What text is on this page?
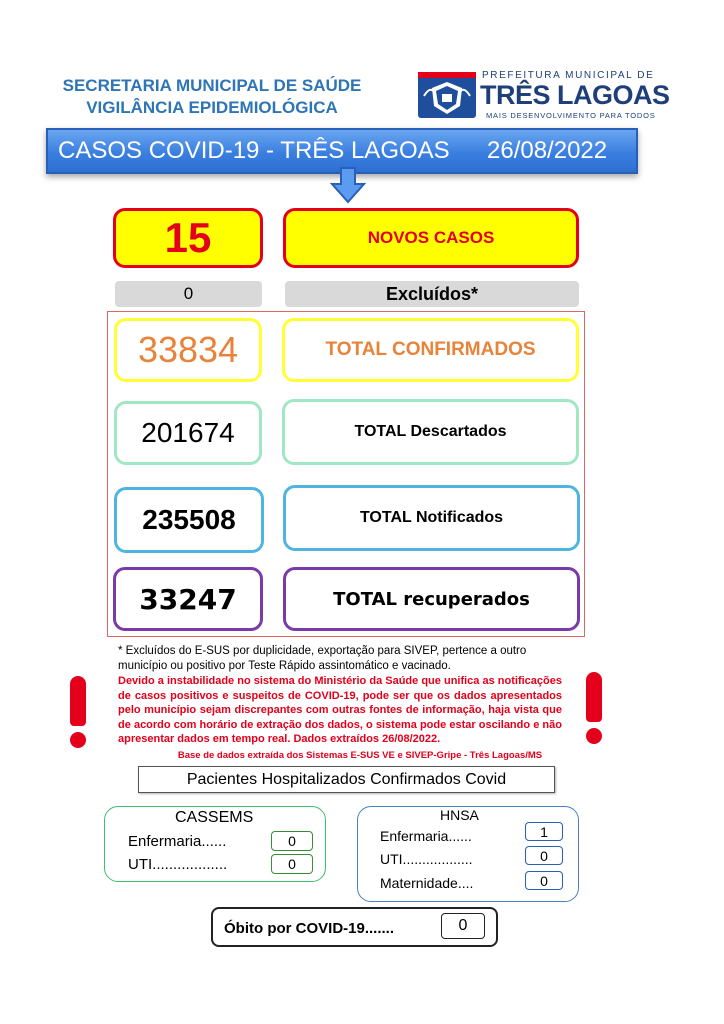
SECRETARIA MUNICIPAL DE SAÚDE
VIGILÂNCIA EPIDEMIOLÓGICA
PREFEITURA MUNICIPAL DE
TRÊS LAGOAS
MAIS DESENVOLVIMENTO PARA TODOS
CASOS COVID-19 - TRÊS LAGOAS 26/08/2022
15	NOVOS CASOS
0	Excluídos*
33834	TOTAL CONFIRMADOS
201674	TOTAL Descartados
235508	TOTAL Notificados
33247	TOTAL recuperados
* Excluídos do E-SUS por duplicidade, exportação para SIVEP, pertence a outro
município ou positivo por Teste Rápido assintomático e vacinado.
Devido a instabilidade no sistema do Ministério da Saúde que unifica as notificações de casos positivos e suspeitos de COVID-19, pode ser que os dados apresentados pelo município sejam discrepantes com outras fontes de informação, haja vista que de acordo com horário de extração dos dados, o sistema pode estar oscilando e não apresentar dados em tempo real. Dados extraídos 26/08/2022.
Base de dados extraída dos Sistemas E-SUS VE e SIVEP-Gripe - Três Lagoas/MS
Pacientes Hospitalizados Confirmados Covid
CASSEMS
Enfermaria......	0
UTI..................	0
HNSA
Enfermaria......	1
UTI..................	0
Maternidade....	0
Óbito por COVID-19.......	0
